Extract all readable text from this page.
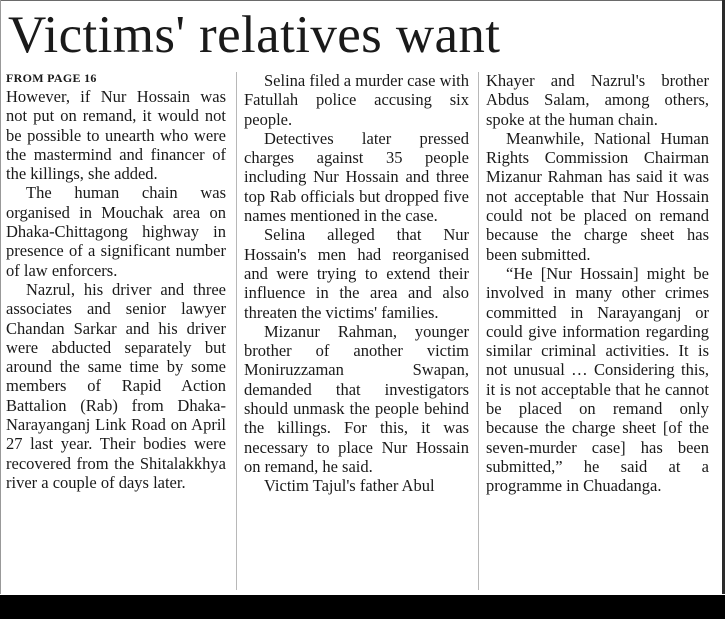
Victims' relatives want
FROM PAGE 16

However, if Nur Hossain was not put on remand, it would not be possible to unearth who were the mastermind and financer of the killings, she added.

The human chain was organised in Mouchak area on Dhaka-Chittagong highway in presence of a significant number of law enforcers.

Nazrul, his driver and three associates and senior lawyer Chandan Sarkar and his driver were abducted separately but around the same time by some members of Rapid Action Battalion (Rab) from Dhaka-Narayanganj Link Road on April 27 last year. Their bodies were recovered from the Shitalakkhya river a couple of days later.

Selina filed a murder case with Fatullah police accusing six people.

Detectives later pressed charges against 35 people including Nur Hossain and three top Rab officials but dropped five names mentioned in the case.

Selina alleged that Nur Hossain's men had reorganised and were trying to extend their influence in the area and also threaten the victims' families.

Mizanur Rahman, younger brother of another victim Moniruzzaman Swapan, demanded that investigators should unmask the people behind the killings. For this, it was necessary to place Nur Hossain on remand, he said.

Victim Tajul's father Abul

Khayer and Nazrul's brother Abdus Salam, among others, spoke at the human chain.

Meanwhile, National Human Rights Commission Chairman Mizanur Rahman has said it was not acceptable that Nur Hossain could not be placed on remand because the charge sheet has been submitted.

“He [Nur Hossain] might be involved in many other crimes committed in Narayanganj or could give information regarding similar criminal activities. It is not unusual … Considering this, it is not acceptable that he cannot be placed on remand only because the charge sheet [of the seven-murder case] has been submitted,” he said at a programme in Chuadanga.
